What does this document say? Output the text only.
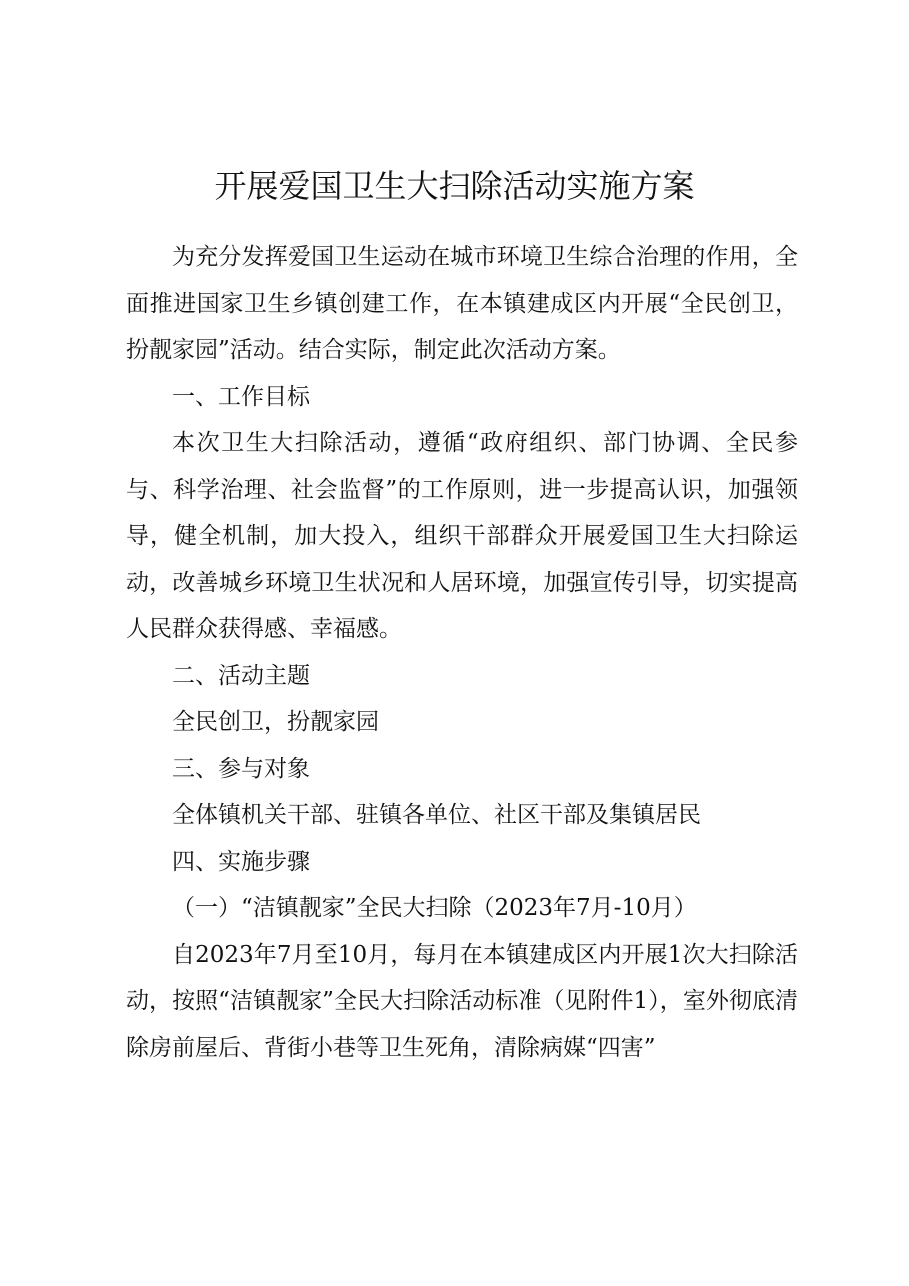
开展爱国卫生大扫除活动实施方案

为充分发挥爱国卫生运动在城市环境卫生综合治理的作用，全面推进国家卫生乡镇创建工作，在本镇建成区内开展“全民创卫，扮靓家园”活动。结合实际，制定此次活动方案。

一、工作目标

本次卫生大扫除活动，遵循“政府组织、部门协调、全民参与、科学治理、社会监督”的工作原则，进一步提高认识，加强领导，健全机制，加大投入，组织干部群众开展爱国卫生大扫除运动，改善城乡环境卫生状况和人居环境，加强宣传引导，切实提高人民群众获得感、幸福感。

二、活动主题

全民创卫，扮靓家园

三、参与对象

全体镇机关干部、驻镇各单位、社区干部及集镇居民

四、实施步骤

（一）“洁镇靓家”全民大扫除（2023年7月-10月）

自2023年7月至10月，每月在本镇建成区内开展1次大扫除活动，按照“洁镇靓家”全民大扫除活动标准（见附件1），室外彻底清除房前屋后、背街小巷等卫生死角，清除病媒“四害”
